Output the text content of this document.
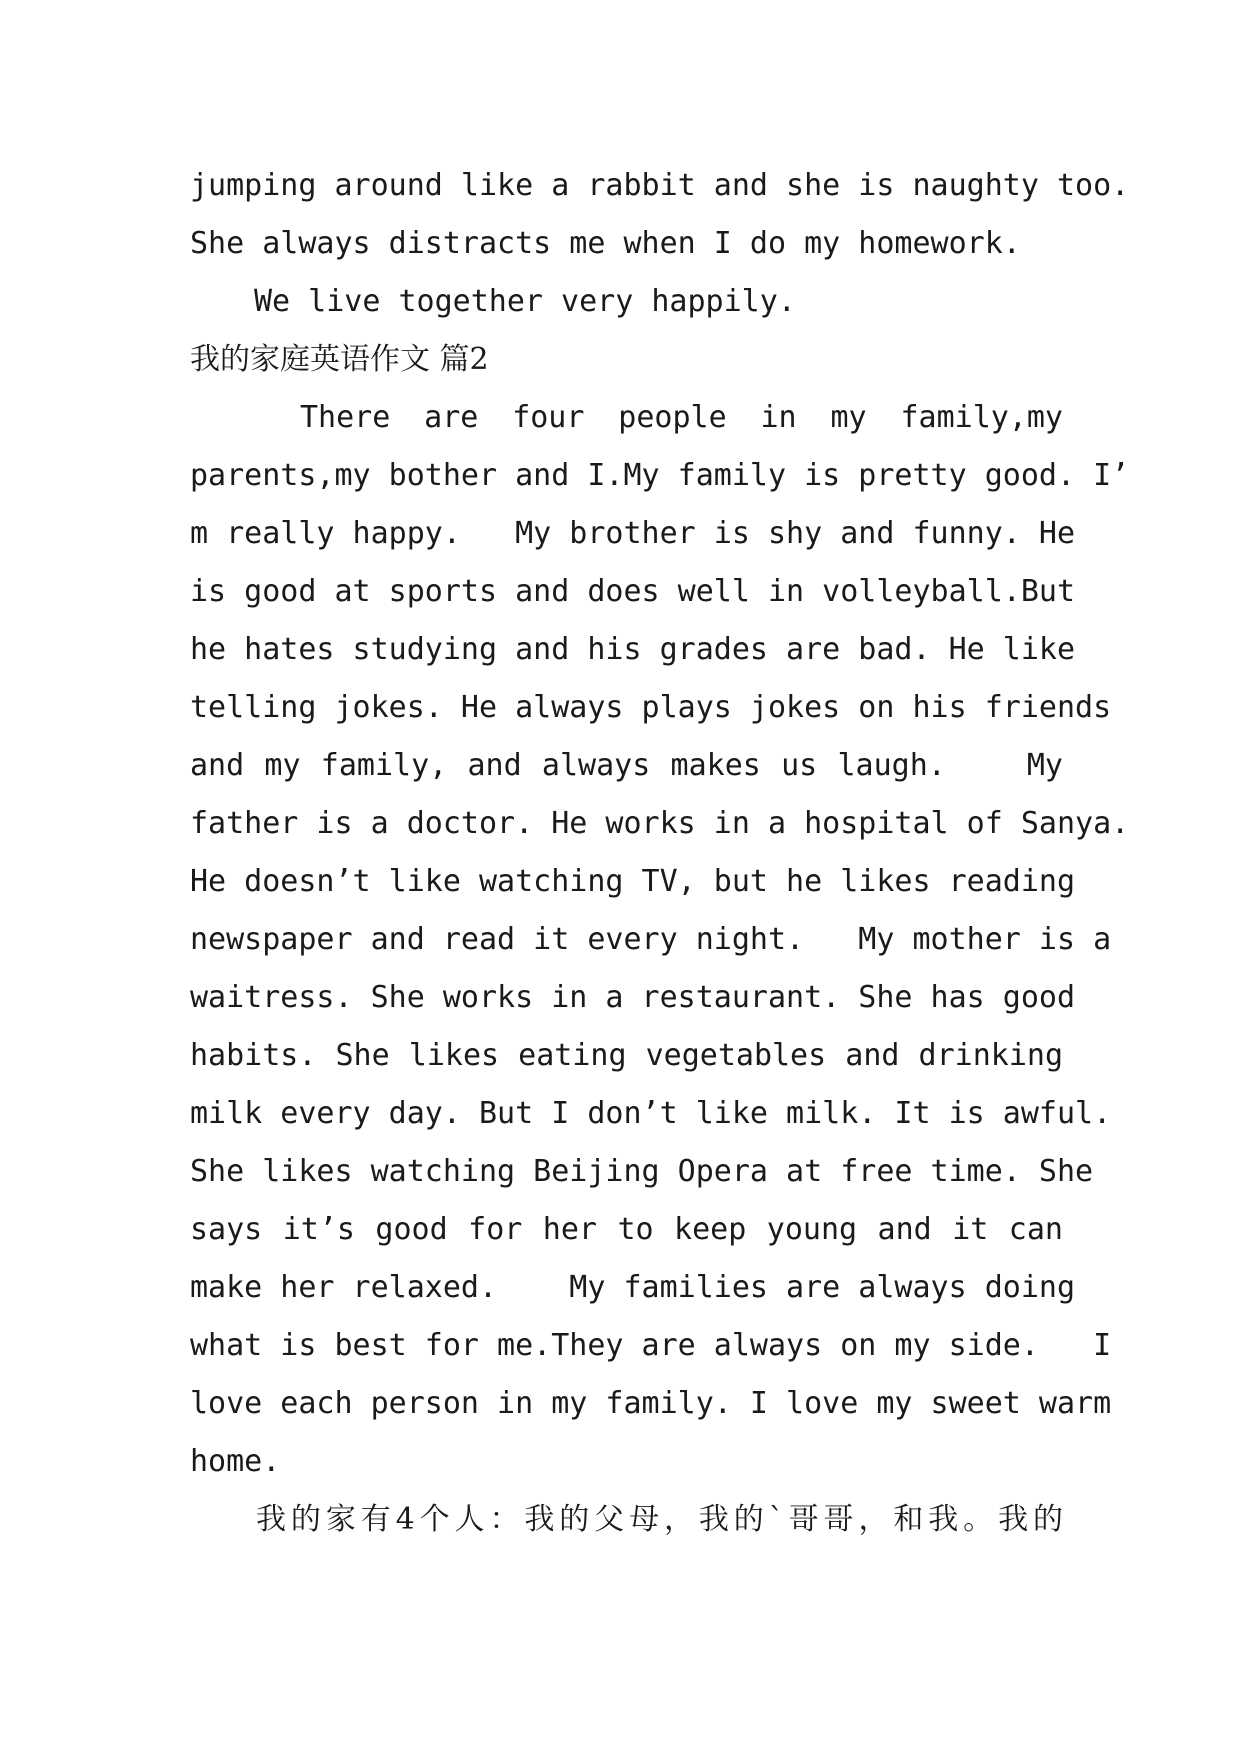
jumping around like a rabbit and she is naughty too.
She always distracts me when I do my homework.
We live together very happily.
我的家庭英语作文 篇2
There are four people in my family,my
parents,my bother and I.My family is pretty good. I’
m really happy.   My brother is shy and funny. He
is good at sports and does well in volleyball.But
he hates studying and his grades are bad. He like
telling jokes. He always plays jokes on his friends
and my family, and always makes us laugh.    My
father is a doctor. He works in a hospital of Sanya.
He doesn’t like watching TV, but he likes reading
newspaper and read it every night.   My mother is a
waitress. She works in a restaurant. She has good
habits. She likes eating vegetables and drinking
milk every day. But I don’t like milk. It is awful.
She likes watching Beijing Opera at free time. She
says it’s good for her to keep young and it can
make her relaxed.    My families are always doing
what is best for me.They are always on my side.   I
love each person in my family. I love my sweet warm
home.
我的家有4个人：我的父母，我的`哥哥，和我。我的
